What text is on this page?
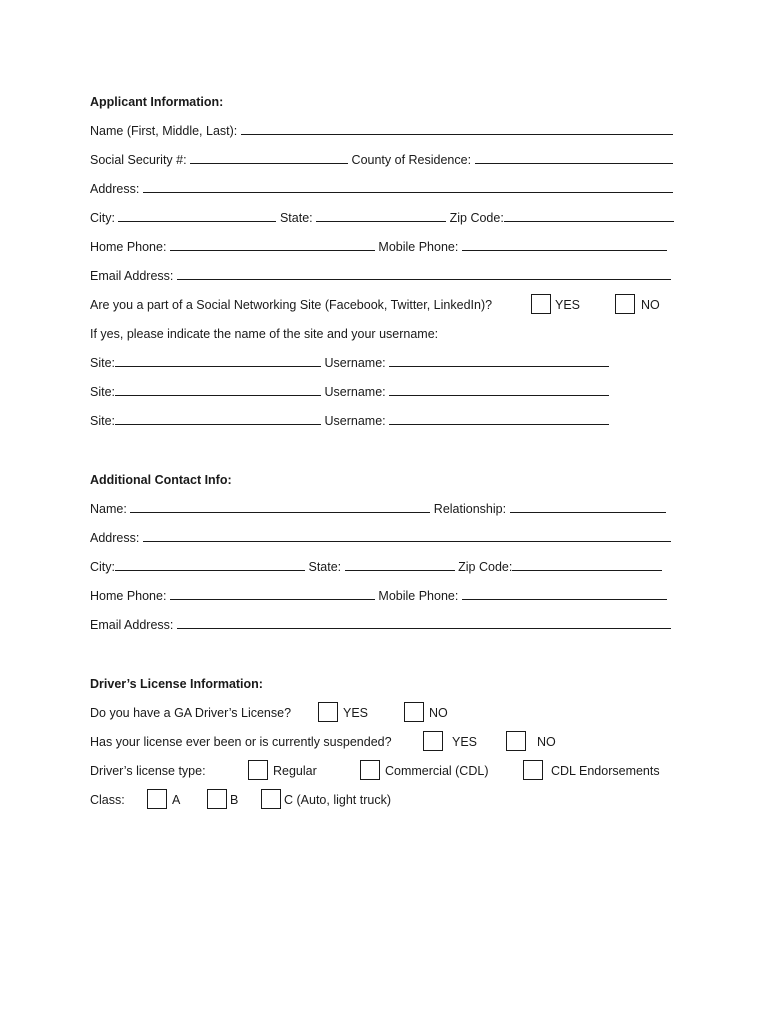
Applicant Information:
Name (First, Middle, Last):
Social Security #:	County of Residence:
Address:
City:	State:	Zip Code:
Home Phone:	Mobile Phone:
Email Address:
Are you a part of a Social Networking Site (Facebook, Twitter, LinkedIn)?	YES	NO
If yes, please indicate the name of the site and your username:
Site:	Username:
Site:	Username:
Site:	Username:
Additional Contact Info:
Name:	Relationship:
Address:
City:	State:	Zip Code:
Home Phone:	Mobile Phone:
Email Address:
Driver’s License Information:
Do you have a GA Driver’s License?	YES	NO
Has your license ever been or is currently suspended?	YES	NO
Driver’s license type:	Regular	Commercial (CDL)	CDL Endorsements
Class:	A	B	C (Auto, light truck)
